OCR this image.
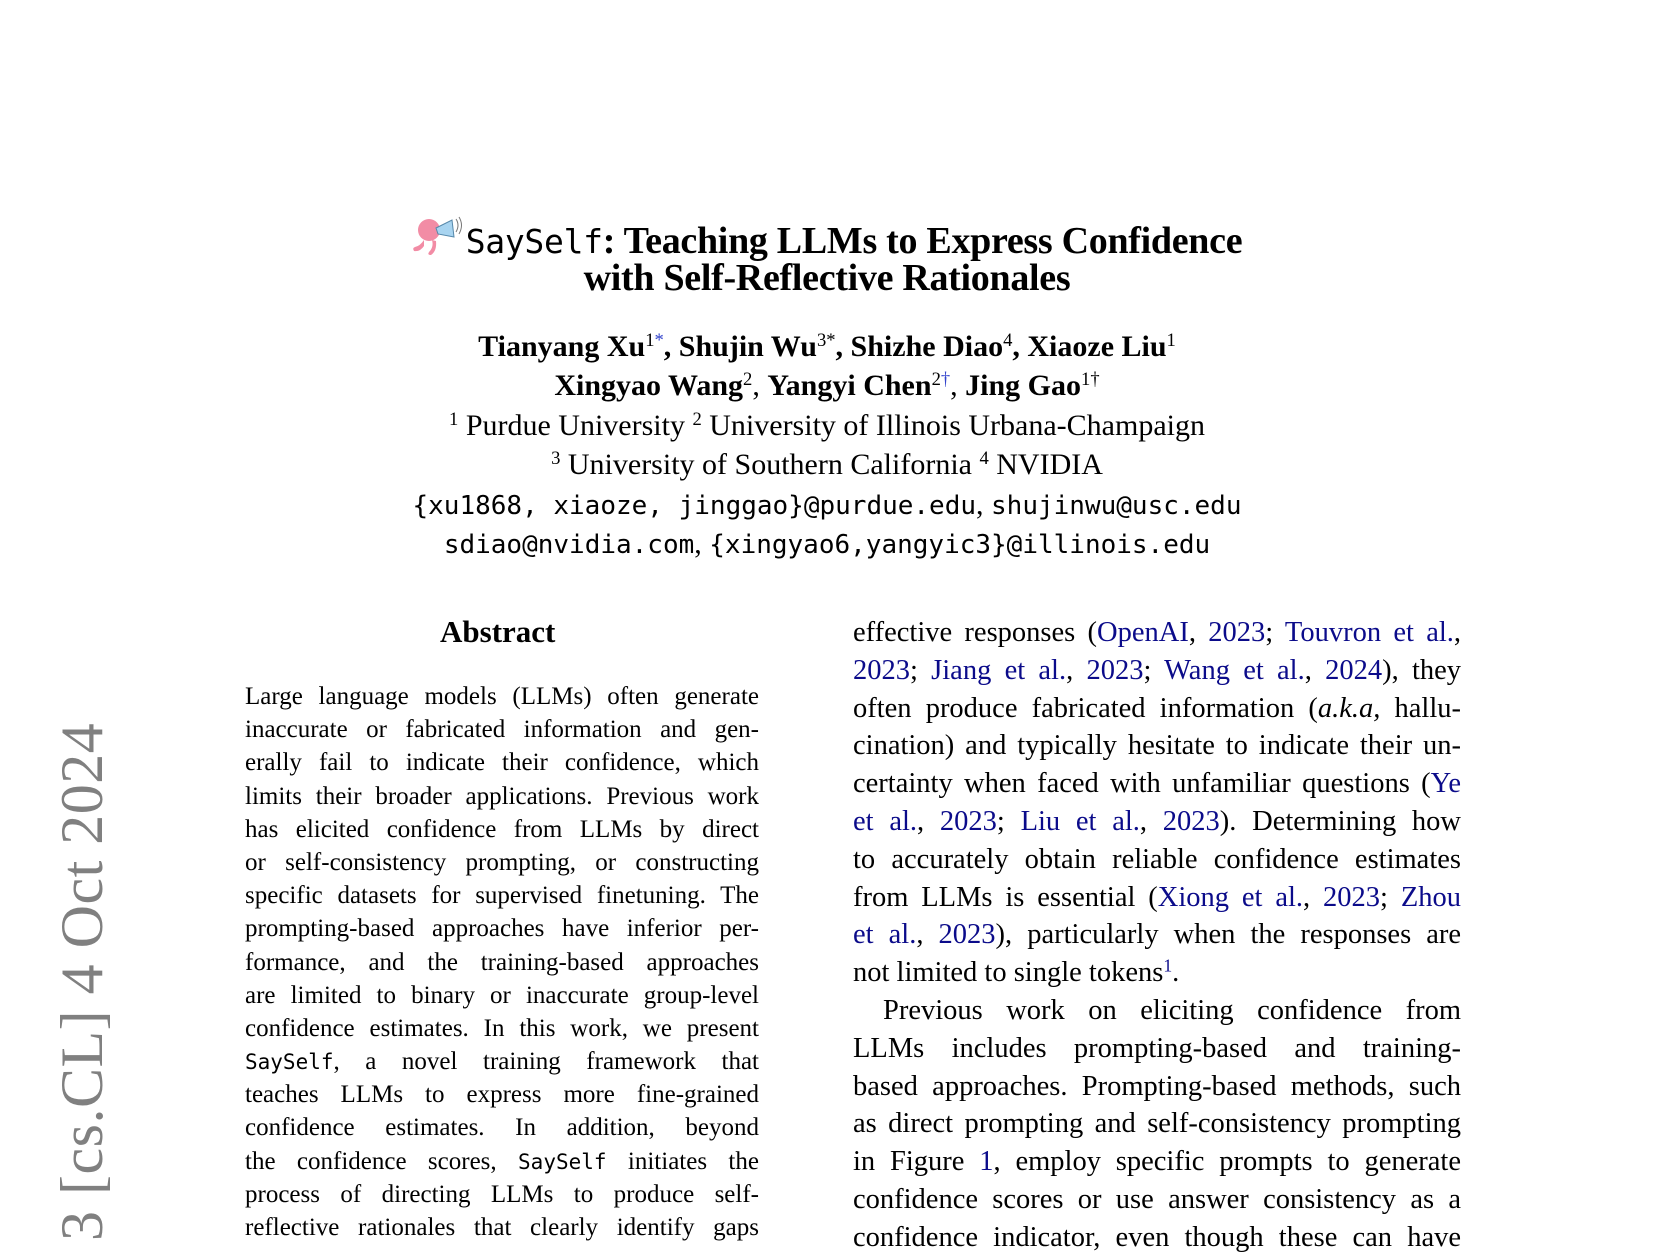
3 [cs.CL] 4 Oct 2024
SaySelf: Teaching LLMs to Express Confidence
with Self-Reflective Rationales
Tianyang $Xu^{1*}$, Shujin $Wu^{3*}$, Shizhe Diao$^4$, Xiaoze Liu$^1$
Xingyao Wang$^2$, Yangyi Chen$^{2\dagger}$, Jing Gao$^{1\dagger}$
$^1$ Purdue University $^2$ University of Illinois Urbana-Champaign
$^3$ University of Southern California $^4$ NVIDIA
{xu1868, xiaoze, jinggao}@purdue.edu, shujinwu@usc.edu
sdiao@nvidia.com, {xingyao6,yangyic3}@illinois.edu
Abstract
Large language models (LLMs) often generate
inaccurate or fabricated information and gen-
erally fail to indicate their confidence, which
limits their broader applications. Previous work
has elicited confidence from LLMs by direct
or self-consistency prompting, or constructing
specific datasets for supervised finetuning. The
prompting-based approaches have inferior per-
formance, and the training-based approaches
are limited to binary or inaccurate group-level
confidence estimates. In this work, we present
SaySelf, a novel training framework that
teaches LLMs to express more fine-grained
confidence estimates. In addition, beyond
the confidence scores, SaySelf initiates the
process of directing LLMs to produce self-
reflective rationales that clearly identify gaps
effective responses (OpenAI, 2023; Touvron et al.,
2023; Jiang et al., 2023; Wang et al., 2024), they
often produce fabricated information (a.k.a, hallu-
cination) and typically hesitate to indicate their un-
certainty when faced with unfamiliar questions (Ye
et al., 2023; Liu et al., 2023). Determining how
to accurately obtain reliable confidence estimates
from LLMs is essential (Xiong et al., 2023; Zhou
et al., 2023), particularly when the responses are
not limited to single tokens$^1$.
Previous work on eliciting confidence from
LLMs includes prompting-based and training-
based approaches. Prompting-based methods, such
as direct prompting and self-consistency prompting
in Figure 1, employ specific prompts to generate
confidence scores or use answer consistency as a
confidence indicator, even though these can have
